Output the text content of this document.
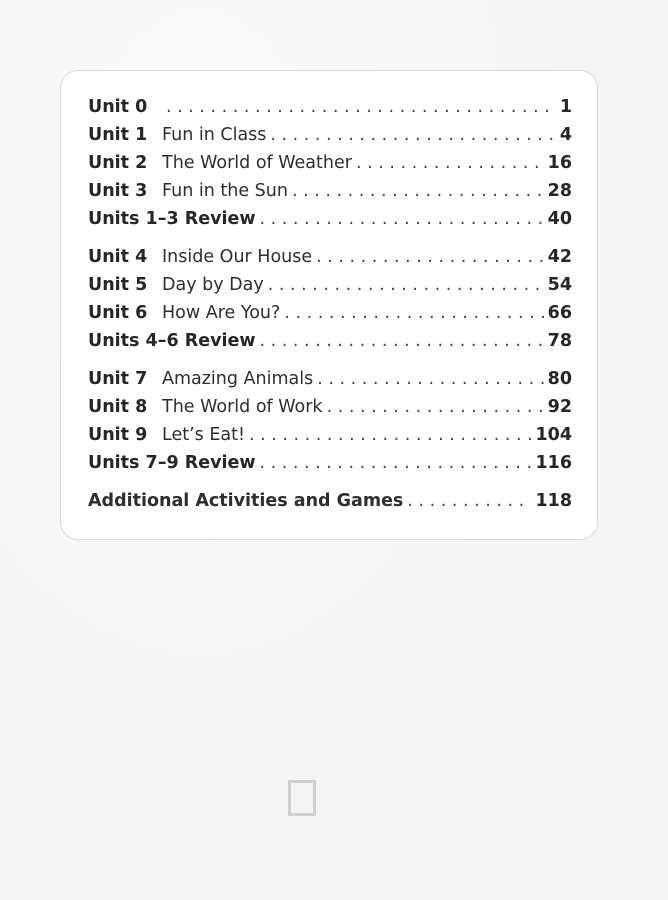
Unit 0 . . .	1
Unit 1 Fun in Class . . .	4
Unit 2 The World of Weather . . .	16
Unit 3 Fun in the Sun . . .	28
Units 1–3 Review . . .	40
Unit 4 Inside Our House . . .	42
Unit 5 Day by Day . . .	54
Unit 6 How Are You? . . .	66
Units 4–6 Review . . .	78
Unit 7 Amazing Animals . . .	80
Unit 8 The World of Work . . .	92
Unit 9 Let’s Eat! . . .	104
Units 7–9 Review . . .	116
Additional Activities and Games . . .	118
